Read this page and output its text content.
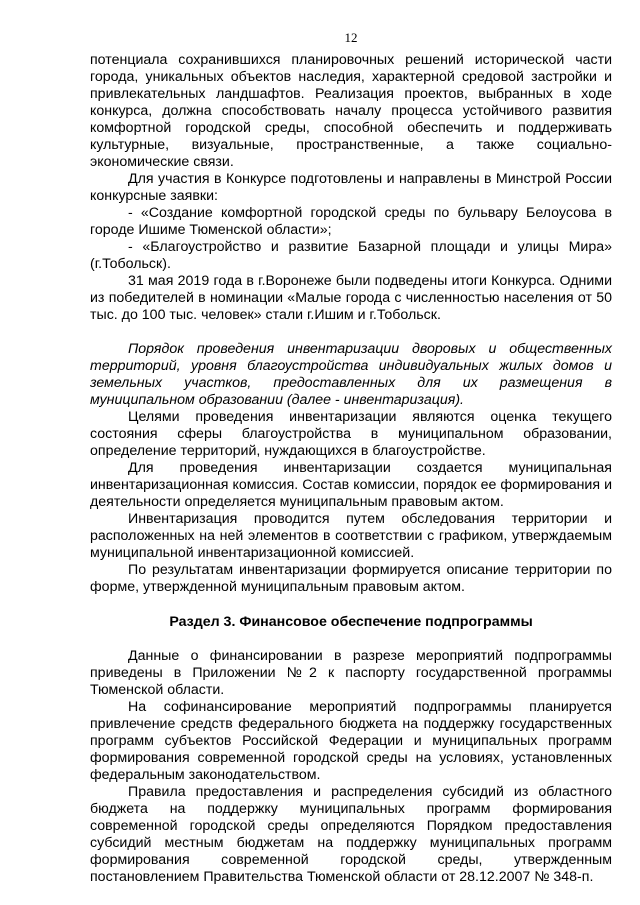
12

потенциала сохранившихся планировочных решений исторической части города, уникальных объектов наследия, характерной средовой застройки и привлекательных ландшафтов. Реализация проектов, выбранных в ходе конкурса, должна способствовать началу процесса устойчивого развития комфортной городской среды, способной обеспечить и поддерживать культурные, визуальные, пространственные, а также социально-экономические связи.

Для участия в Конкурсе подготовлены и направлены в Минстрой России конкурсные заявки:

- «Создание комфортной городской среды по бульвару Белоусова в городе Ишиме Тюменской области»;

- «Благоустройство и развитие Базарной площади и улицы Мира» (г.Тобольск).

31 мая 2019 года в г.Воронеже были подведены итоги Конкурса. Одними из победителей в номинации «Малые города с численностью населения от 50 тыс. до 100 тыс. человек» стали г.Ишим и г.Тобольск.

Порядок проведения инвентаризации дворовых и общественных территорий, уровня благоустройства индивидуальных жилых домов и земельных участков, предоставленных для их размещения в муниципальном образовании (далее - инвентаризация).

Целями проведения инвентаризации являются оценка текущего состояния сферы благоустройства в муниципальном образовании, определение территорий, нуждающихся в благоустройстве.

Для проведения инвентаризации создается муниципальная инвентаризационная комиссия. Состав комиссии, порядок ее формирования и деятельности определяется муниципальным правовым актом.

Инвентаризация проводится путем обследования территории и расположенных на ней элементов в соответствии с графиком, утверждаемым муниципальной инвентаризационной комиссией.

По результатам инвентаризации формируется описание территории по форме, утвержденной муниципальным правовым актом.

Раздел 3. Финансовое обеспечение подпрограммы

Данные о финансировании в разрезе мероприятий подпрограммы приведены в Приложении №2 к паспорту государственной программы Тюменской области.

На софинансирование мероприятий подпрограммы планируется привлечение средств федерального бюджета на поддержку государственных программ субъектов Российской Федерации и муниципальных программ формирования современной городской среды на условиях, установленных федеральным законодательством.

Правила предоставления и распределения субсидий из областного бюджета на поддержку муниципальных программ формирования современной городской среды определяются Порядком предоставления субсидий местным бюджетам на поддержку муниципальных программ формирования современной городской среды, утвержденным постановлением Правительства Тюменской области от 28.12.2007 № 348-п.
